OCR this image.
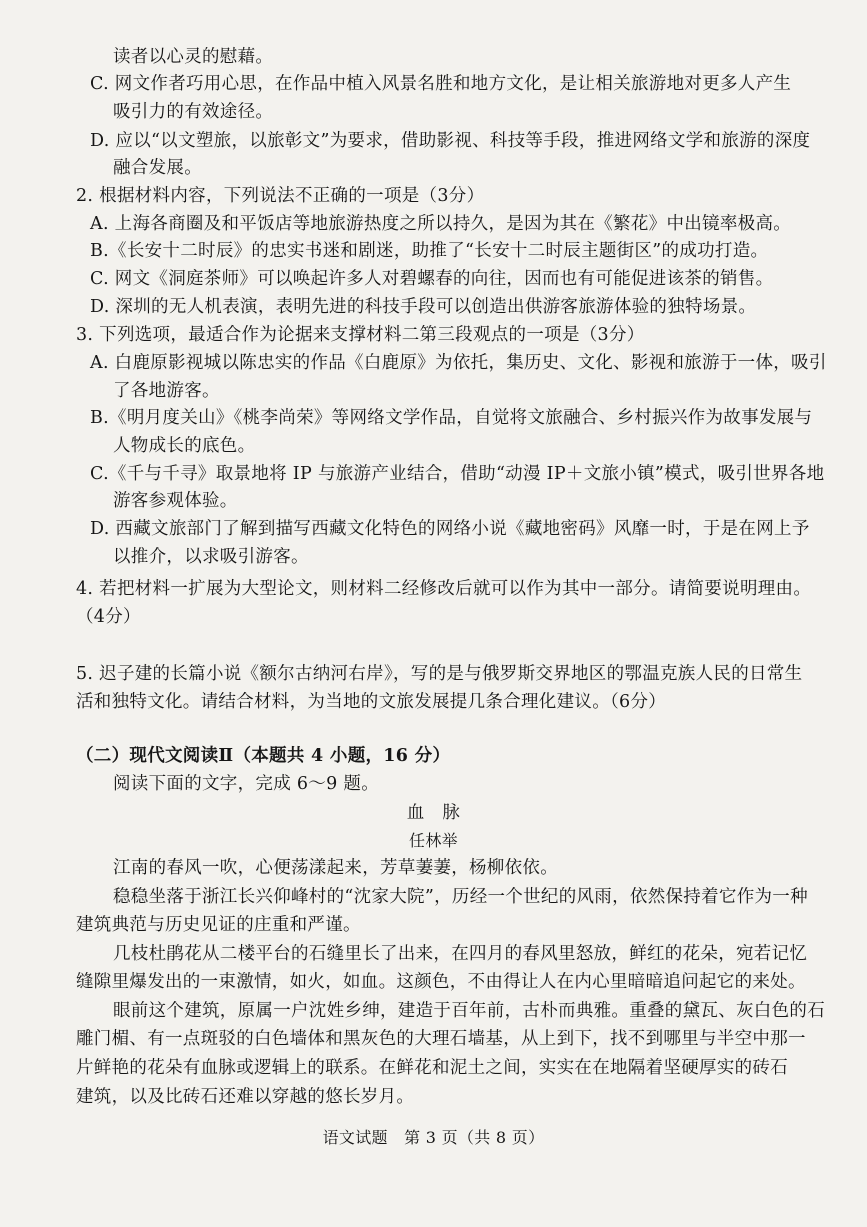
读者以心灵的慰藉。
C. 网文作者巧用心思，在作品中植入风景名胜和地方文化，是让相关旅游地对更多人产生
吸引力的有效途径。
D. 应以“以文塑旅，以旅彰文”为要求，借助影视、科技等手段，推进网络文学和旅游的深度
融合发展。
2. 根据材料内容，下列说法不正确的一项是（3分）
A. 上海各商圈及和平饭店等地旅游热度之所以持久，是因为其在《繁花》中出镜率极高。
B.《长安十二时辰》的忠实书迷和剧迷，助推了“长安十二时辰主题街区”的成功打造。
C. 网文《洞庭茶师》可以唤起许多人对碧螺春的向往，因而也有可能促进该茶的销售。
D. 深圳的无人机表演，表明先进的科技手段可以创造出供游客旅游体验的独特场景。
3. 下列选项，最适合作为论据来支撑材料二第三段观点的一项是（3分）
A. 白鹿原影视城以陈忠实的作品《白鹿原》为依托，集历史、文化、影视和旅游于一体，吸引
了各地游客。
B.《明月度关山》《桃李尚荣》等网络文学作品，自觉将文旅融合、乡村振兴作为故事发展与
人物成长的底色。
C.《千与千寻》取景地将 IP 与旅游产业结合，借助“动漫 IP＋文旅小镇”模式，吸引世界各地
游客参观体验。
D. 西藏文旅部门了解到描写西藏文化特色的网络小说《藏地密码》风靡一时，于是在网上予
以推介，以求吸引游客。
4. 若把材料一扩展为大型论文，则材料二经修改后就可以作为其中一部分。请简要说明理由。
（4分）
5. 迟子建的长篇小说《额尔古纳河右岸》，写的是与俄罗斯交界地区的鄂温克族人民的日常生
活和独特文化。请结合材料，为当地的文旅发展提几条合理化建议。（6分）
（二）现代文阅读Ⅱ（本题共 4 小题，16 分）
阅读下面的文字，完成 6～9 题。
血　脉
任林举
江南的春风一吹，心便荡漾起来，芳草萋萋，杨柳依依。
稳稳坐落于浙江长兴仰峰村的“沈家大院”，历经一个世纪的风雨，依然保持着它作为一种
建筑典范与历史见证的庄重和严谨。
几枝杜鹃花从二楼平台的石缝里长了出来，在四月的春风里怒放，鲜红的花朵，宛若记忆
缝隙里爆发出的一束激情，如火，如血。这颜色，不由得让人在内心里暗暗追问起它的来处。
眼前这个建筑，原属一户沈姓乡绅，建造于百年前，古朴而典雅。重叠的黛瓦、灰白色的石
雕门楣、有一点斑驳的白色墙体和黑灰色的大理石墙基，从上到下，找不到哪里与半空中那一
片鲜艳的花朵有血脉或逻辑上的联系。在鲜花和泥土之间，实实在在地隔着坚硬厚实的砖石
建筑，以及比砖石还难以穿越的悠长岁月。
语文试题　第 3 页（共 8 页）
